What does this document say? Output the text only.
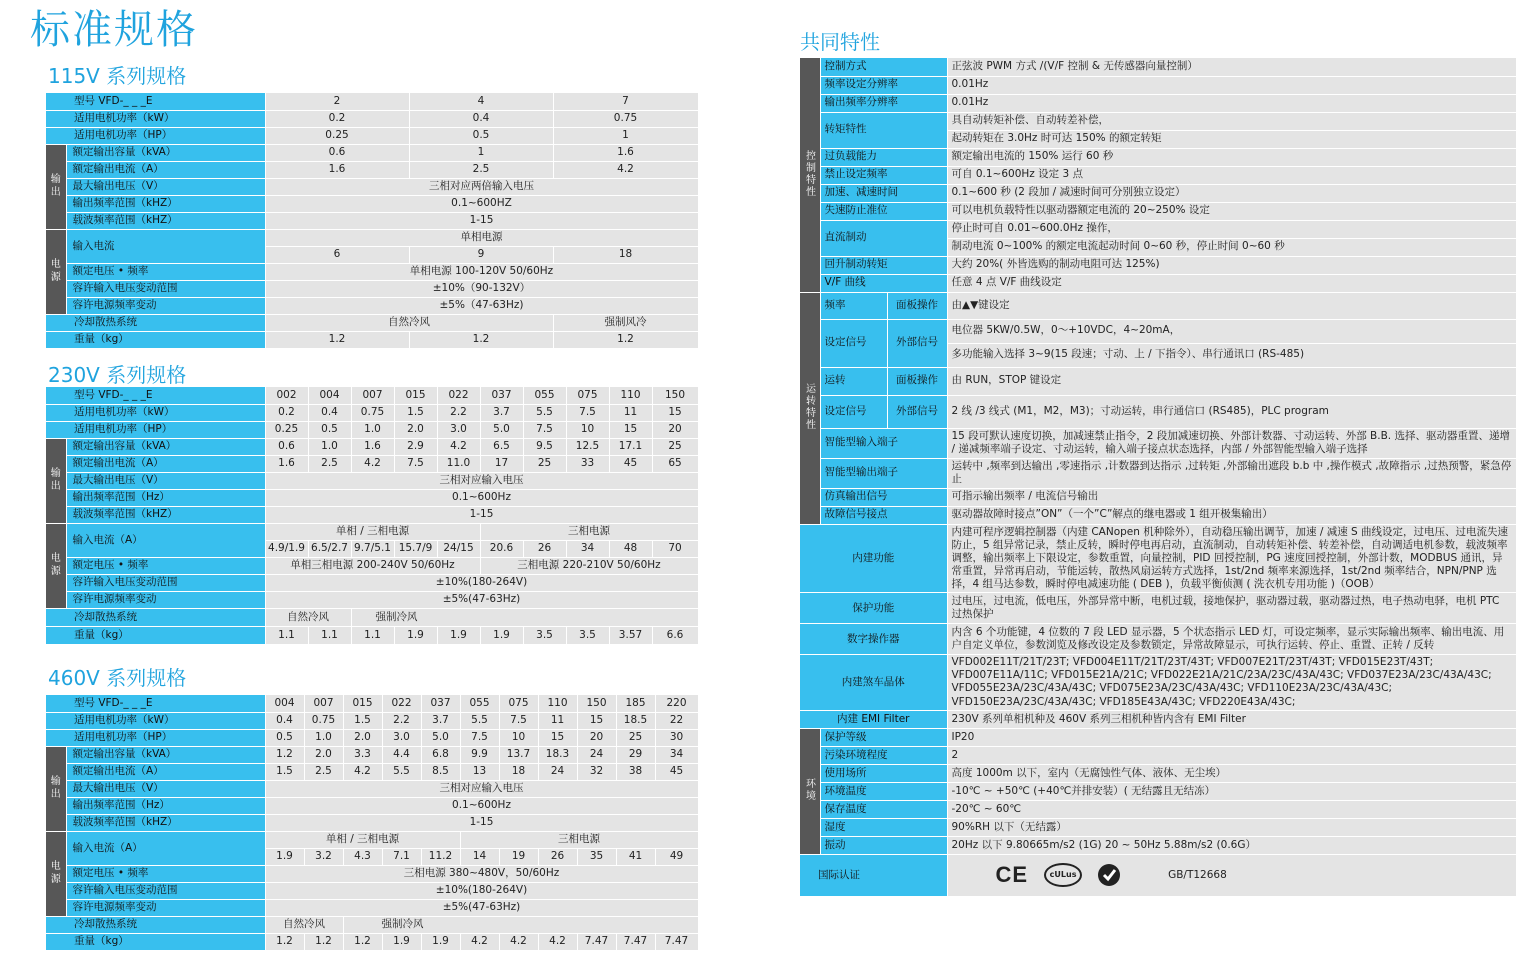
标准规格
115V 系列规格
型号 VFD-_ _ _E		2	4	7
适用电机功率（kW）		0.2	0.4	0.75
适用电机功率（HP）		0.25	0.5	1
输出	额定输出容量（kVA）	0.6	1	1.6
	额定输出电流（A）	1.6	2.5	4.2
	最大输出电压（V）	三相对应两倍输入电压		
	输出频率范围（kHZ）	0.1~600HZ		
	载波频率范围（kHZ）	1-15		
电源	输入电流	单相电源		
		6	9	18
	额定电压 • 频率	单相电源 100-120V 50/60Hz		
	容许输入电压变动范围	±10%（90-132V）		
	容许电源频率变动	±5%（47-63Hz)		
冷却散热系统		自然冷风		强制风冷
重量（kg）		1.2	1.2	1.2
230V 系列规格
型号 VFD-_ _ _E		002	004	007	015	022	037	055	075	110	150
适用电机功率（kW）		0.2	0.4	0.75	1.5	2.2	3.7	5.5	7.5	11	15
适用电机功率（HP）		0.25	0.5	1.0	2.0	3.0	5.0	7.5	10	15	20
输出	额定输出容量（kVA）	0.6	1.0	1.6	2.9	4.2	6.5	9.5	12.5	17.1	25
	额定输出电流（A）	1.6	2.5	4.2	7.5	11.0	17	25	33	45	65
	最大输出电压（V）	三相对应输入电压									
	输出频率范围（Hz）	0.1~600Hz									
	载波频率范围（kHZ）	1-15									
电源	输入电流（A）	单相 / 三相电源					三相电源				
		4.9/1.9	6.5/2.7	9.7/5.1	15.7/9	24/15	20.6	26	34	48	70
	额定电压 • 频率	单相三相电源 200-240V 50/60Hz					三相电源 220-210V 50/60Hz				
	容许输入电压变动范围	±10%(180-264V)									
	容许电源频率变动	±5%(47-63Hz)									
冷却散热系统		自然冷风		强制冷风							
重量（kg）		1.1	1.1	1.1	1.9	1.9	1.9	3.5	3.5	3.57	6.6
460V 系列规格
型号 VFD-_ _ _E		004	007	015	022	037	055	075	110	150	185	220
适用电机功率（kW）		0.4	0.75	1.5	2.2	3.7	5.5	7.5	11	15	18.5	22
适用电机功率（HP）		0.5	1.0	2.0	3.0	5.0	7.5	10	15	20	25	30
输出	额定输出容量（kVA）	1.2	2.0	3.3	4.4	6.8	9.9	13.7	18.3	24	29	34
	额定输出电流（A）	1.5	2.5	4.2	5.5	8.5	13	18	24	32	38	45
	最大输出电压（V）	三相对应输入电压										
	输出频率范围（Hz）	0.1~600Hz										
	载波频率范围（kHZ）	1-15										
电源	输入电流（A）	单相 / 三相电源					三相电源					
		1.9	3.2	4.3	7.1	11.2	14	19	26	35	41	49
	额定电压 • 频率	三相电源 380~480V，50/60Hz										
	容许输入电压变动范围	±10%(180-264V)										
	容许电源频率变动	±5%(47-63Hz)										
冷却散热系统		自然冷风		强制冷风								
重量（kg）		1.2	1.2	1.2	1.9	1.9	4.2	4.2	4.2	7.47	7.47	7.47
共同特性
控制特性	控制方式		正弦波 PWM 方式 /(V/F 控制 & 无传感器向量控制）
	频率设定分辨率		0.01Hz
	输出频率分辨率		0.01Hz
	转矩特性		具自动转矩补偿、自动转差补偿，
			起动转矩在 3.0Hz 时可达 150% 的额定转矩
	过负载能力		额定输出电流的 150% 运行 60 秒
	禁止设定频率		可自 0.1~600Hz 设定 3 点
	加速、减速时间		0.1~600 秒 (2 段加 / 减速时间可分别独立设定）
	失速防止准位		可以电机负载特性以驱动器额定电流的 20~250% 设定
	直流制动		停止时可自 0.01~600.0Hz 操作，
			制动电流 0~100% 的额定电流起动时间 0~60 秒，停止时间 0~60 秒
	回升制动转矩		大约 20%( 外皆选购的制动电阻可达 125%)
	V/F 曲线		任意 4 点 V/F 曲线设定
运转特性	频率	面板操作	由▲▼键设定
	设定信号	外部信号	电位器 5KW/0.5W，0～+10VDC，4~20mA，
			多功能输入选择 3~9(15 段速；寸动、上 / 下指令）、串行通讯口 (RS-485)
	运转	面板操作	由 RUN，STOP 键设定
	设定信号	外部信号	2 线 /3 线式 (M1，M2，M3)；寸动运转，串行通信口 (RS485)，PLC program
	智能型输入端子		15 段可默认速度切换，加减速禁止指令，2 段加减速切换、外部计数器、寸动运转、外部 B.B. 选择、驱动器重置、递增 / 递减频率端子设定、寸动运转，输入端子接点状态选择，内部 / 外部智能型输入端子选择
	智能型输出端子		运转中 ,频率到达输出 ,零速指示 ,计数器到达指示 ,过转矩 ,外部输出遮段 b.b 中 ,操作模式 ,故障指示 ,过热预警，紧急停止
	仿真输出信号		可指示输出频率 / 电流信号输出
	故障信号接点		驱动器故障时接点”ON”（一个”C”解点的继电器或 1 组开极集输出）
内建功能			内建可程序逻辑控制器（内建 CANopen 机种除外），自动稳压输出调节，加速 / 减速 S 曲线设定，过电压、过电流失速防止，5 组异常记录，禁止反转，瞬时停电再启动，直流制动，自动转矩补偿、转差补偿，自动调适电机参数，载波频率调整，输出频率上下限设定，参数重置，向量控制，PID 回授控制，PG 速度回授控制，外部计数，MODBUS 通讯，异常重置，异常再启动，节能运转，散热风扇运转方式选择，1st/2nd 频率来源选择，1st/2nd 频率结合，NPN/PNP 选择，4 组马达参数，瞬时停电减速功能 ( DEB )，负载平衡侦测 ( 洗衣机专用功能 )（OOB）
保护功能			过电压，过电流，低电压，外部异常中断，电机过载，接地保护，驱动器过载，驱动器过热，电子热动电驿，电机 PTC 过热保护
数字操作器			内含 6 个功能键，4 位数的 7 段 LED 显示器，5 个状态指示 LED 灯，可设定频率，显示实际输出频率、输出电流、用户自定义单位，参数浏览及修改设定及参数锁定，异常故障显示，可执行运转、停止、重置、正转 / 反转
内建煞车晶体			VFD002E11T/21T/23T; VFD004E11T/21T/23T/43T; VFD007E21T/23T/43T; VFD015E23T/43T; VFD007E11A/11C; VFD015E21A/21C; VFD022E21A/21C/23A/23C/43A/43C; VFD037E23A/23C/43A/43C; VFD055E23A/23C/43A/43C; VFD075E23A/23C/43A/43C; VFD110E23A/23C/43A/43C; VFD150E23A/23C/43A/43C; VFD185E43A/43C; VFD220E43A/43C;
内建 EMI Filter			230V 系列单相机种及 460V 系列三相机种皆内含有 EMI Filter
环境	保护等级		IP20
	污染环境程度		2
	使用场所		高度 1000m 以下，室内（无腐蚀性气体、液体、无尘埃）
	环境温度		-10℃ ~ +50℃ (+40℃并排安装）( 无结露且无结冻）
	保存温度		-20℃ ~ 60℃
	湿度		90%RH 以下（无结露）
	振动		20Hz 以下 9.80665m/s2 (1G) 20 ~ 50Hz 5.88m/s2 (0.6G）
国际认证			CE cULus GB/T12668
